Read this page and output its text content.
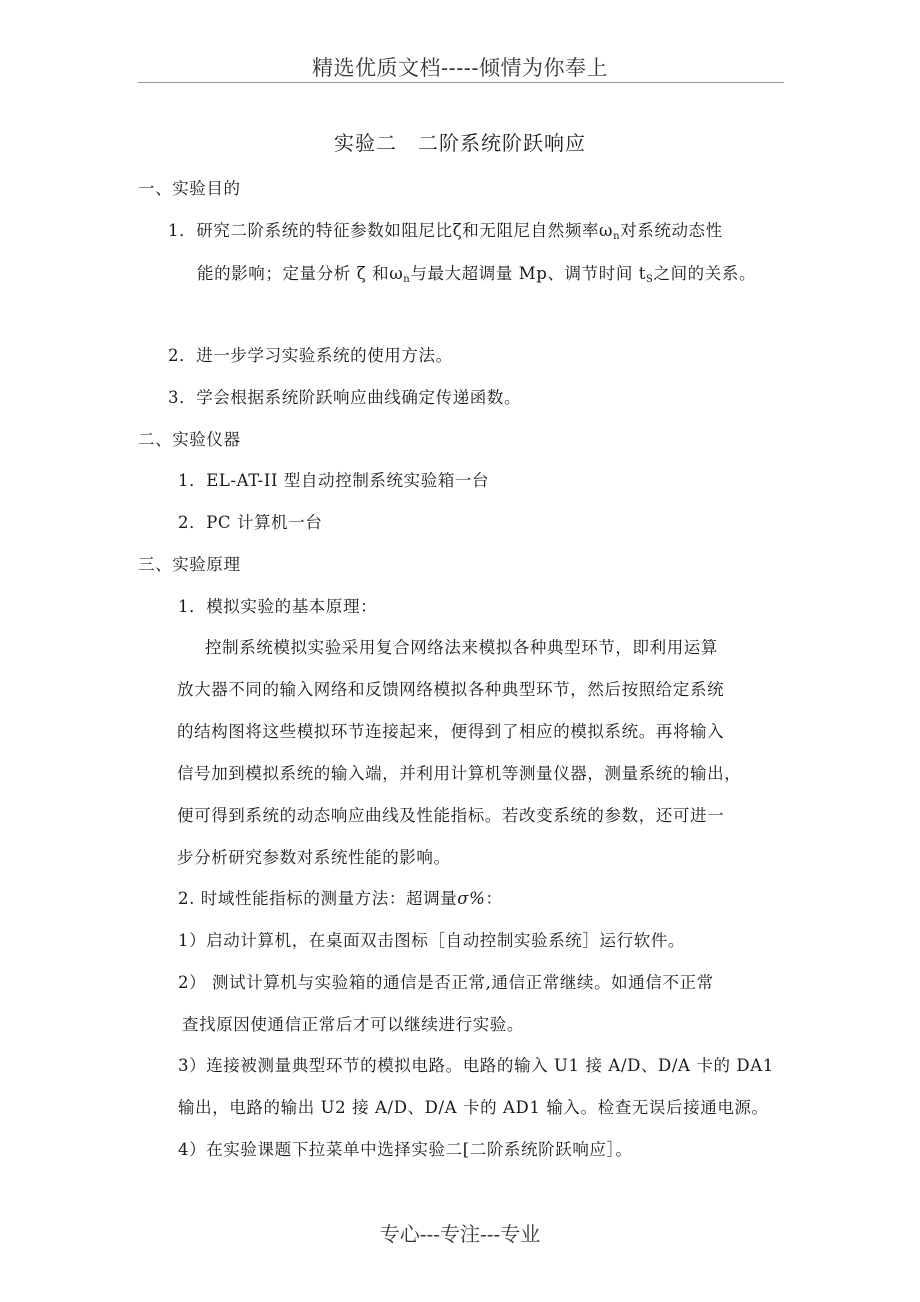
精选优质文档-----倾情为你奉上
实验二　二阶系统阶跃响应
一、实验目的
1．研究二阶系统的特征参数如阻尼比ζ和无阻尼自然频率$\omega_n$对系统动态性
能的影响；定量分析 ζ 和$\omega_n$与最大超调量 Mp、调节时间 $t_S$之间的关系。
2．进一步学习实验系统的使用方法。
3．学会根据系统阶跃响应曲线确定传递函数。
二、实验仪器
1．EL-AT-II 型自动控制系统实验箱一台
2．PC 计算机一台
三、实验原理
1．模拟实验的基本原理：
控制系统模拟实验采用复合网络法来模拟各种典型环节，即利用运算
放大器不同的输入网络和反馈网络模拟各种典型环节，然后按照给定系统
的结构图将这些模拟环节连接起来，便得到了相应的模拟系统。再将输入
信号加到模拟系统的输入端，并利用计算机等测量仪器，测量系统的输出，
便可得到系统的动态响应曲线及性能指标。若改变系统的参数，还可进一
步分析研究参数对系统性能的影响。
2. 时域性能指标的测量方法：超调量σ%：
1）启动计算机，在桌面双击图标［自动控制实验系统］运行软件。
2） 测试计算机与实验箱的通信是否正常,通信正常继续。如通信不正常
查找原因使通信正常后才可以继续进行实验。
3）连接被测量典型环节的模拟电路。电路的输入 U1 接 A/D、D/A 卡的 DA1
输出，电路的输出 U2 接 A/D、D/A 卡的 AD1 输入。检查无误后接通电源。
4）在实验课题下拉菜单中选择实验二[二阶系统阶跃响应］。
专心---专注---专业
